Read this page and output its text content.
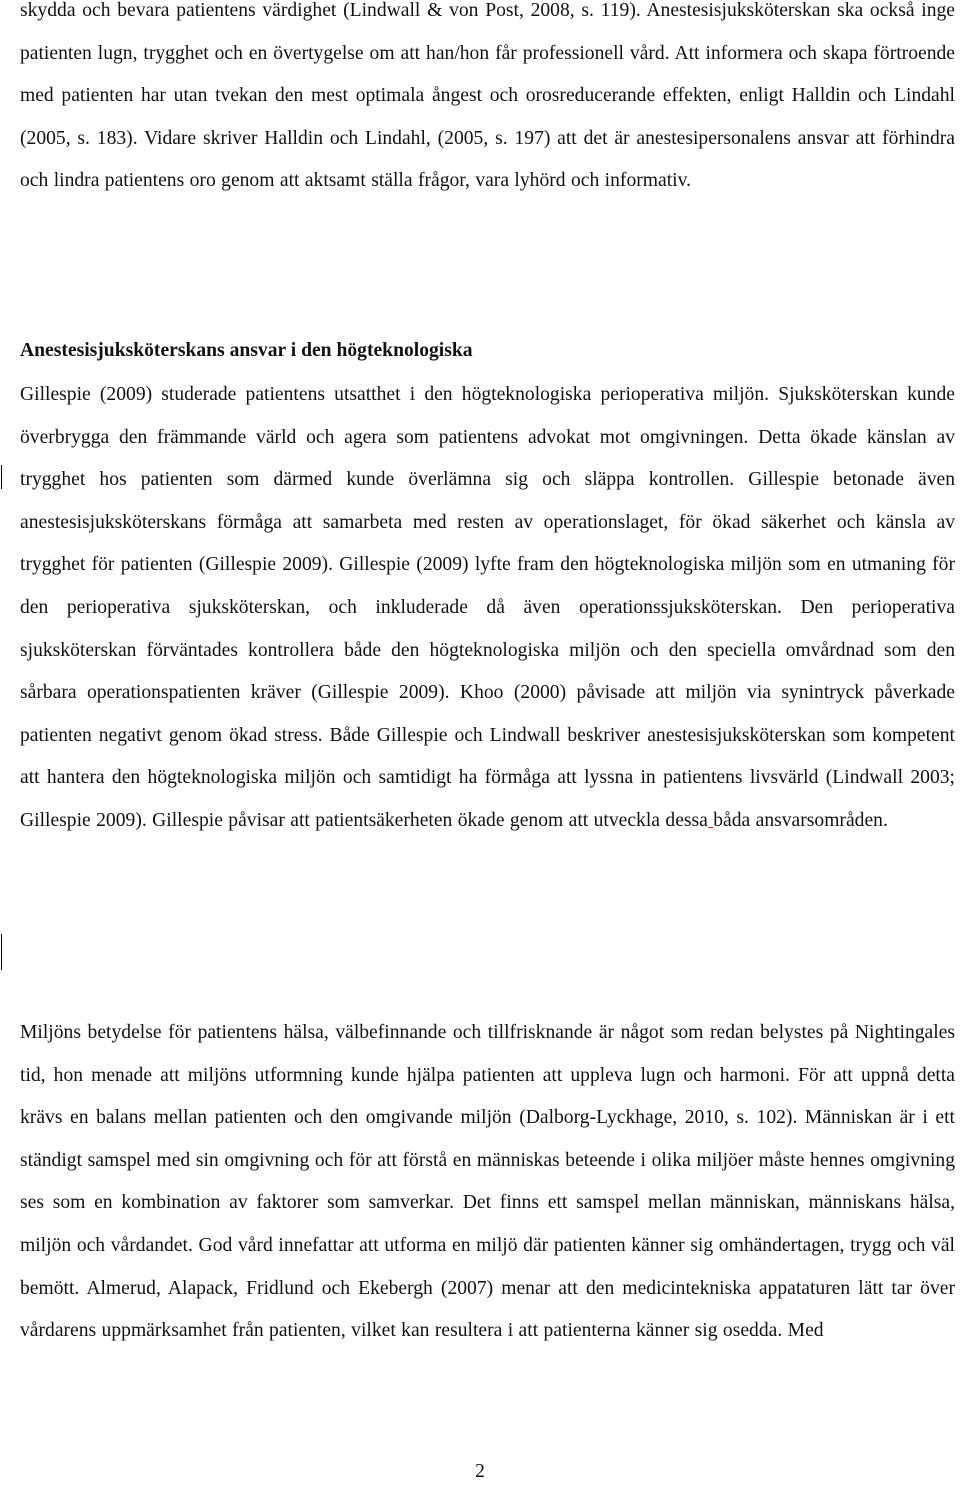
skydda och bevara patientens värdighet (Lindwall & von Post, 2008, s. 119). Anestesisjuksköterskan ska också inge patienten lugn, trygghet och en övertygelse om att han/hon får professionell vård. Att informera och skapa förtroende med patienten har utan tvekan den mest optimala ångest och orosreducerande effekten, enligt Halldin och Lindahl (2005, s. 183). Vidare skriver Halldin och Lindahl, (2005, s. 197) att det är anestesipersonalens ansvar att förhindra och lindra patientens oro genom att aktsamt ställa frågor, vara lyhörd och informativ.

Anestesisjuksköterskans ansvar i den högteknologiska

Gillespie (2009) studerade patientens utsatthet i den högteknologiska perioperativa miljön. Sjuksköterskan kunde överbrygga den främmande värld och agera som patientens advokat mot omgivningen. Detta ökade känslan av trygghet hos patienten som därmed kunde överlämna sig och släppa kontrollen. Gillespie betonade även anestesisjuksköterskans förmåga att samarbeta med resten av operationslaget, för ökad säkerhet och känsla av trygghet för patienten (Gillespie 2009). Gillespie (2009) lyfte fram den högteknologiska miljön som en utmaning för den perioperativa sjuksköterskan, och inkluderade då även operationssjuksköterskan. Den perioperativa sjuksköterskan förväntades kontrollera både den högteknologiska miljön och den speciella omvårdnad som den sårbara operationspatienten kräver (Gillespie 2009). Khoo (2000) påvisade att miljön via synintryck påverkade patienten negativt genom ökad stress. Både Gillespie och Lindwall beskriver anestesisjuksköterskan som kompetent att hantera den högteknologiska miljön och samtidigt ha förmåga att lyssna in patientens livsvärld (Lindwall 2003; Gillespie 2009). Gillespie påvisar att patientsäkerheten ökade genom att utveckla dessa båda ansvarsområden.

Miljöns betydelse för patientens hälsa, välbefinnande och tillfrisknande är något som redan belystes på Nightingales tid, hon menade att miljöns utformning kunde hjälpa patienten att uppleva lugn och harmoni. För att uppnå detta krävs en balans mellan patienten och den omgivande miljön (Dalborg-Lyckhage, 2010, s. 102). Människan är i ett ständigt samspel med sin omgivning och för att förstå en människas beteende i olika miljöer måste hennes omgivning ses som en kombination av faktorer som samverkar. Det finns ett samspel mellan människan, människans hälsa, miljön och vårdandet. God vård innefattar att utforma en miljö där patienten känner sig omhändertagen, trygg och väl bemött. Almerud, Alapack, Fridlund och Ekebergh (2007) menar att den medicintekniska appataturen lätt tar över vårdarens uppmärksamhet från patienten, vilket kan resultera i att patienterna känner sig osedda. Med

2
